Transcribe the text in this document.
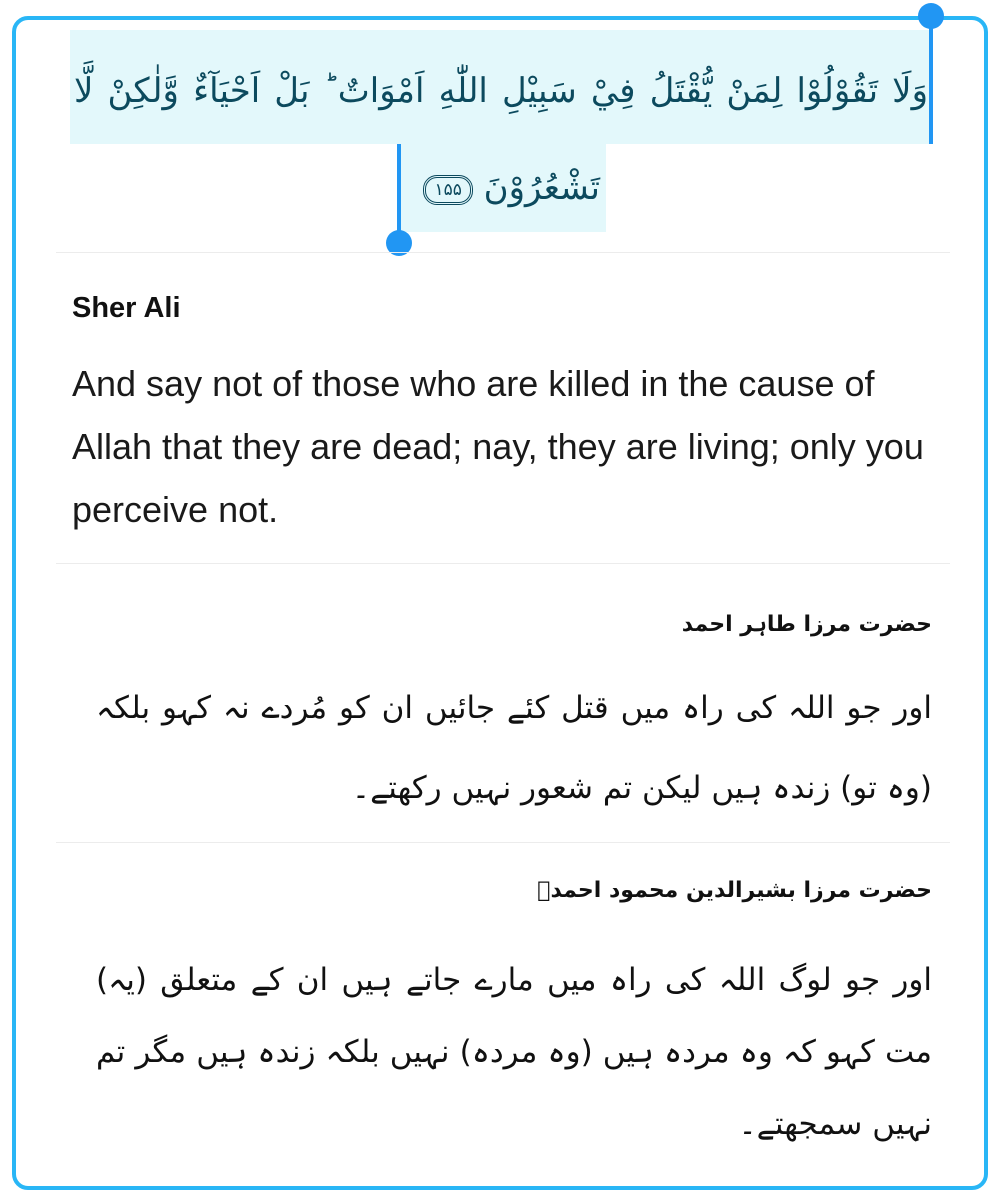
وَلَا تَقُوْلُوْا لِمَنْ يُّقْتَلُ فِيْ سَبِيْلِ اللّٰهِ اَمْوَاتٌ ؕ بَلْ اَحْيَآءٌ وَّلٰكِنْ لَّا
تَشْعُرُوْنَ ۱۵۵
Sher Ali
And say not of those who are killed in the cause of Allah that they are dead; nay, they are living; only you perceive not.
حضرت مرزا طاہر احمد
اور جو اللہ کی راہ میں قتل کئے جائیں ان کو مُردے نہ کہو بلکہ (وہ تو) زندہ ہیں لیکن تم شعور نہیں رکھتے۔
حضرت مرزا بشیرالدین محمود احمدؓ
اور جو لوگ اللہ کی راہ میں مارے جاتے ہیں ان کے متعلق (یہ) مت کہو کہ وہ مردہ ہیں (وہ مردہ) نہیں بلکہ زندہ ہیں مگر تم نہیں سمجھتے۔
